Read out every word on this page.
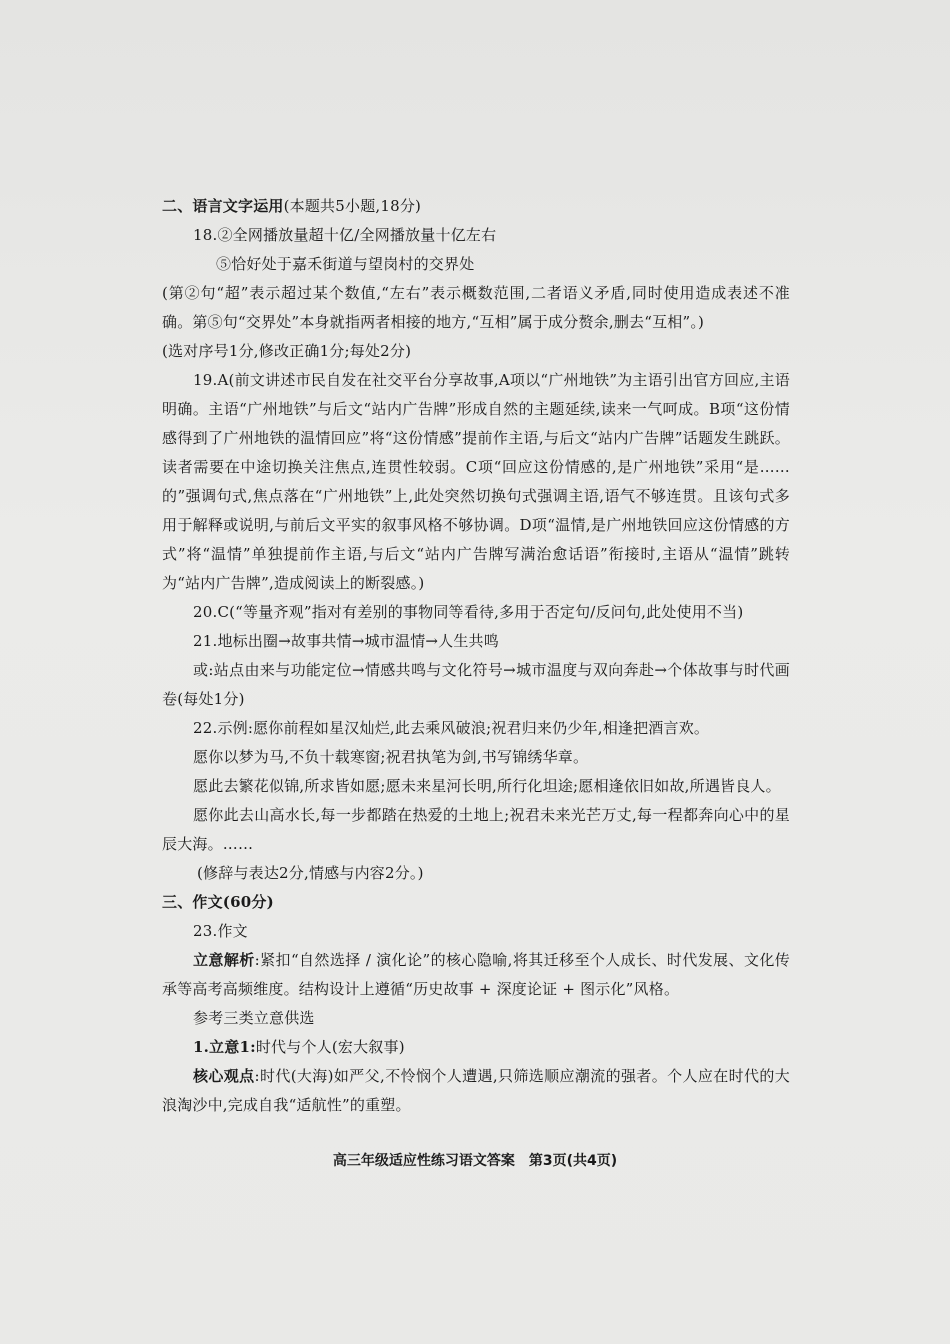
二、语言文字运用(本题共5小题,18分)

18.②全网播放量超十亿/全网播放量十亿左右

⑤恰好处于嘉禾街道与望岗村的交界处

(第②句“超”表示超过某个数值,“左右”表示概数范围,二者语义矛盾,同时使用造成表述不准确。第⑤句“交界处”本身就指两者相接的地方,“互相”属于成分赘余,删去“互相”。)

(选对序号1分,修改正确1分;每处2分)

19.A(前文讲述市民自发在社交平台分享故事,A项以“广州地铁”为主语引出官方回应,主语明确。主语“广州地铁”与后文“站内广告牌”形成自然的主题延续,读来一气呵成。B项“这份情感得到了广州地铁的温情回应”将“这份情感”提前作主语,与后文“站内广告牌”话题发生跳跃。读者需要在中途切换关注焦点,连贯性较弱。C项“回应这份情感的,是广州地铁”采用“是……的”强调句式,焦点落在“广州地铁”上,此处突然切换句式强调主语,语气不够连贯。且该句式多用于解释或说明,与前后文平实的叙事风格不够协调。D项“温情,是广州地铁回应这份情感的方式”将“温情”单独提前作主语,与后文“站内广告牌写满治愈话语”衔接时,主语从“温情”跳转为“站内广告牌”,造成阅读上的断裂感。)

20.C(“等量齐观”指对有差别的事物同等看待,多用于否定句/反问句,此处使用不当)

21.地标出圈→故事共情→城市温情→人生共鸣

或:站点由来与功能定位→情感共鸣与文化符号→城市温度与双向奔赴→个体故事与时代画卷(每处1分)

22.示例:愿你前程如星汉灿烂,此去乘风破浪;祝君归来仍少年,相逢把酒言欢。

愿你以梦为马,不负十载寒窗;祝君执笔为剑,书写锦绣华章。

愿此去繁花似锦,所求皆如愿;愿未来星河长明,所行化坦途;愿相逢依旧如故,所遇皆良人。

愿你此去山高水长,每一步都踏在热爱的土地上;祝君未来光芒万丈,每一程都奔向心中的星辰大海。……

(修辞与表达2分,情感与内容2分。)

三、作文(60分)

23.作文

立意解析:紧扣“自然选择 / 演化论”的核心隐喻,将其迁移至个人成长、时代发展、文化传承等高考高频维度。结构设计上遵循“历史故事 + 深度论证 + 图示化”风格。

参考三类立意供选

1.立意1:时代与个人(宏大叙事)

核心观点:时代(大海)如严父,不怜悯个人遭遇,只筛选顺应潮流的强者。个人应在时代的大浪淘沙中,完成自我“适航性”的重塑。

高三年级适应性练习语文答案　第3页(共4页)
